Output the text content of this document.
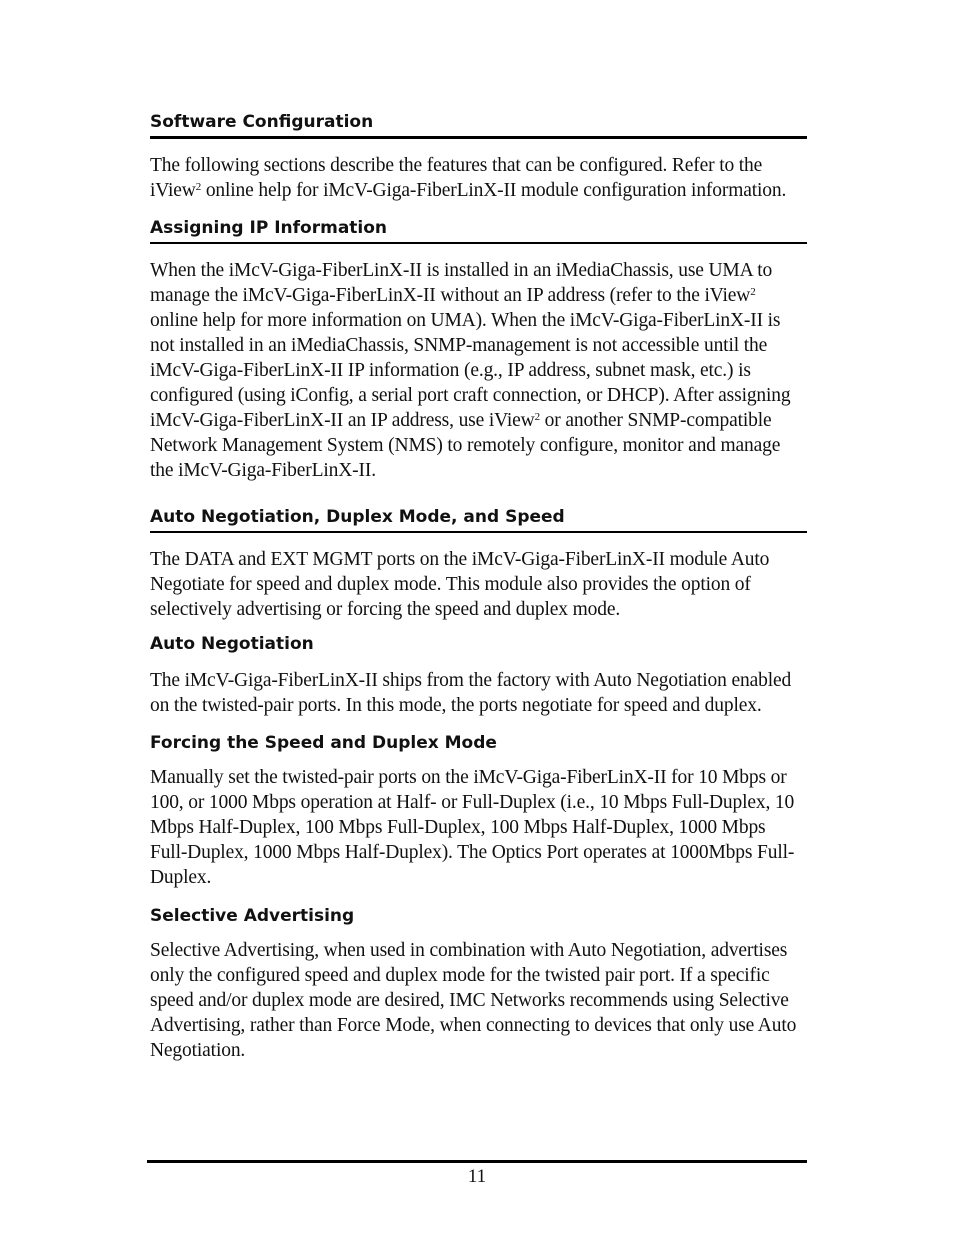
Software Configuration

The following sections describe the features that can be configured. Refer to the iView$^2$ online help for iMcV-Giga-FiberLinX-II module configuration information.

Assigning IP Information

When the iMcV-Giga-FiberLinX-II is installed in an iMediaChassis, use UMA to manage the iMcV-Giga-FiberLinX-II without an IP address (refer to the iView$^2$ online help for more information on UMA). When the iMcV-Giga-FiberLinX-II is not installed in an iMediaChassis, SNMP-management is not accessible until the iMcV-Giga-FiberLinX-II IP information (e.g., IP address, subnet mask, etc.) is configured (using iConfig, a serial port craft connection, or DHCP). After assigning iMcV-Giga-FiberLinX-II an IP address, use iView$^2$ or another SNMP-compatible Network Management System (NMS) to remotely configure, monitor and manage the iMcV-Giga-FiberLinX-II.

Auto Negotiation, Duplex Mode, and Speed

The DATA and EXT MGMT ports on the iMcV-Giga-FiberLinX-II module Auto Negotiate for speed and duplex mode. This module also provides the option of selectively advertising or forcing the speed and duplex mode.

Auto Negotiation

The iMcV-Giga-FiberLinX-II ships from the factory with Auto Negotiation enabled on the twisted-pair ports. In this mode, the ports negotiate for speed and duplex.

Forcing the Speed and Duplex Mode

Manually set the twisted-pair ports on the iMcV-Giga-FiberLinX-II for 10 Mbps or 100, or 1000 Mbps operation at Half- or Full-Duplex (i.e., 10 Mbps Full-Duplex, 10 Mbps Half-Duplex, 100 Mbps Full-Duplex, 100 Mbps Half-Duplex, 1000 Mbps Full-Duplex, 1000 Mbps Half-Duplex). The Optics Port operates at 1000Mbps Full-Duplex.

Selective Advertising

Selective Advertising, when used in combination with Auto Negotiation, advertises only the configured speed and duplex mode for the twisted pair port. If a specific speed and/or duplex mode are desired, IMC Networks recommends using Selective Advertising, rather than Force Mode, when connecting to devices that only use Auto Negotiation.

11
